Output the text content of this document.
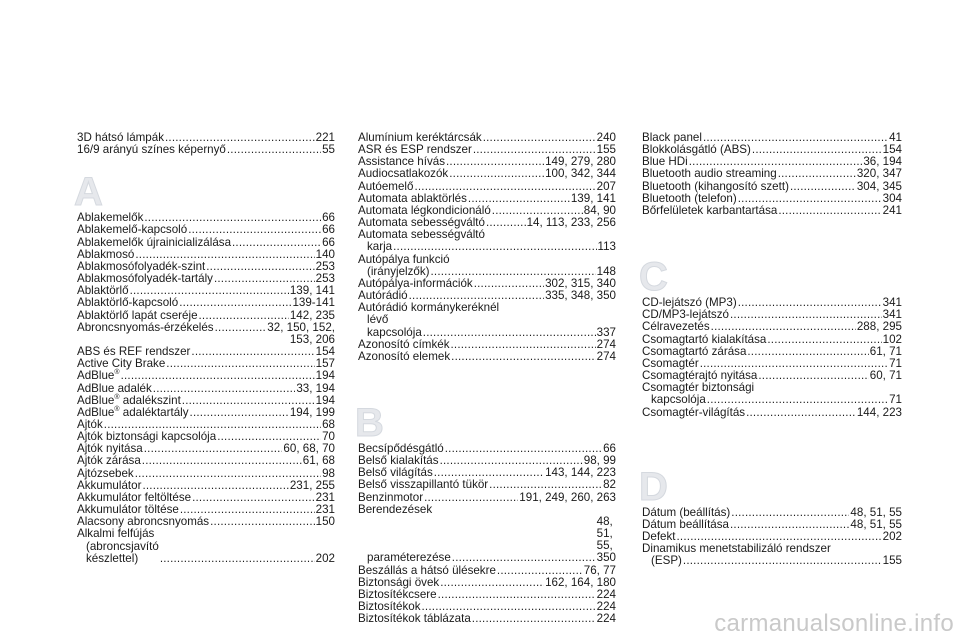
3D hátsó lámpák .....	221
16/9 arányú színes képernyő .....	55
A
Ablakemelők .....	66
Ablakemelő-kapcsoló .....	66
Ablakemelők újrainicializálása .....	66
Ablakmosó .....	140
Ablakmosófolyadék-szint .....	253
Ablakmosófolyadék-tartály .....	253
Ablaktörlő .....	139, 141
Ablaktörlő-kapcsoló .....	139-141
Ablaktörlő lapát cseréje .....	142, 235
Abroncsnyomás-érzékelés .....	32, 150, 152,
153, 206
ABS és REF rendszer .....	154
Active City Brake .....	157
AdBlue® .....	194
AdBlue adalék .....	33, 194
AdBlue® adalékszint .....	194
AdBlue® adaléktartály .....	194, 199
Ajtók .....	68
Ajtók biztonsági kapcsolója .....	70
Ajtók nyitása .....	60, 68, 70
Ajtók zárása .....	61, 68
Ajtózsebek .....	98
Akkumulátor .....	231, 255
Akkumulátor feltöltése .....	231
Akkumulátor töltése .....	231
Alacsony abroncsnyomás .....	150
Alkalmi felfújás
(abroncsjavító készlettel) .....	202
Alumínium keréktárcsák .....	240
ASR és ESP rendszer .....	155
Assistance hívás .....	149, 279, 280
Audiocsatlakozók .....	100, 342, 344
Autóemelő .....	207
Automata ablaktörlés .....	139, 141
Automata légkondicionáló .....	84, 90
Automata sebességváltó .....	14, 113, 233, 256
Automata sebességváltó
karja .....	113
Autópálya funkció
(irányjelzők) .....	148
Autópálya-információk .....	302, 315, 340
Autórádió .....	335, 348, 350
Autórádió kormánykeréknél
lévő kapcsolója .....	337
Azonosító címkék .....	274
Azonosító elemek .....	274
B
Becsípődésgátló .....	66
Belső kialakítás .....	98, 99
Belső világítás .....	143, 144, 223
Belső visszapillantó tükör .....	82
Benzinmotor .....	191, 249, 260, 263
Berendezések
paraméterezése
.....
48, 51, 55, 350
Beszállás a hátsó ülésekre .....	76, 77
Biztonsági övek .....	162, 164, 180
Biztosítékcsere .....	224
Biztosítékok .....	224
Biztosítékok táblázata .....	224
Black panel .....	41
Blokkolásgátló (ABS) .....	154
Blue HDi .....	36, 194
Bluetooth audio streaming .....	320, 347
Bluetooth (kihangosító szett) .....	304, 345
Bluetooth (telefon) .....	304
Bőrfelületek karbantartása .....	241
C
CD-lejátszó (MP3) .....	341
CD/MP3-lejátszó .....	341
Célravezetés .....	288, 295
Csomagtartó kialakítása .....	102
Csomagtartó zárása .....	61, 71
Csomagtér .....	71
Csomagtérajtó nyitása .....	60, 71
Csomagtér biztonsági
kapcsolója .....	71
Csomagtér-világítás .....	144, 223
D
Dátum (beállítás) .....	48, 51, 55
Dátum beállítása .....	48, 51, 55
Defekt .....	202
Dinamikus menetstabilizáló rendszer
(ESP) .....	155
carmanualsonline.info
